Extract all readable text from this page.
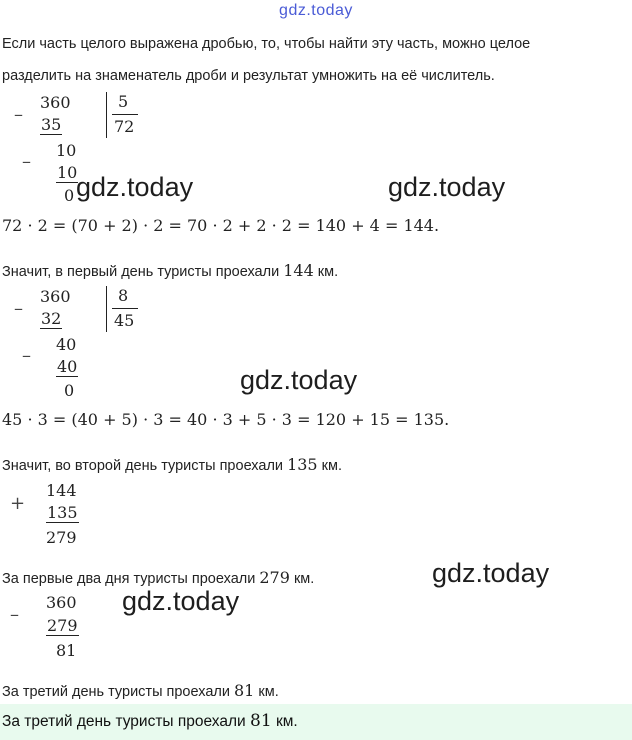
gdz.today
Если часть целого выражена дробью, то, чтобы найти эту часть, можно целое
разделить на знаменатель дроби и результат умножить на её числитель.
–
360
35
5
72
–
10
10
0 gdz.today	gdz.today
72 · 2 = (70 + 2) · 2 = 70 · 2 + 2 · 2 = 140 + 4 = 144.
Значит, в первый день туристы проехали 144 км.
–
360
32
8
45
–
40
40
0	gdz.today
45 · 3 = (40 + 5) · 3 = 40 · 3 + 5 · 3 = 120 + 15 = 135.
Значит, во второй день туристы проехали 135 км.
+
144
135
279
За первые два дня туристы проехали 279 км.	gdz.today
–
360
279
81
gdz.today
За третий день туристы проехали 81 км.
За третий день туристы проехали 81 км.
